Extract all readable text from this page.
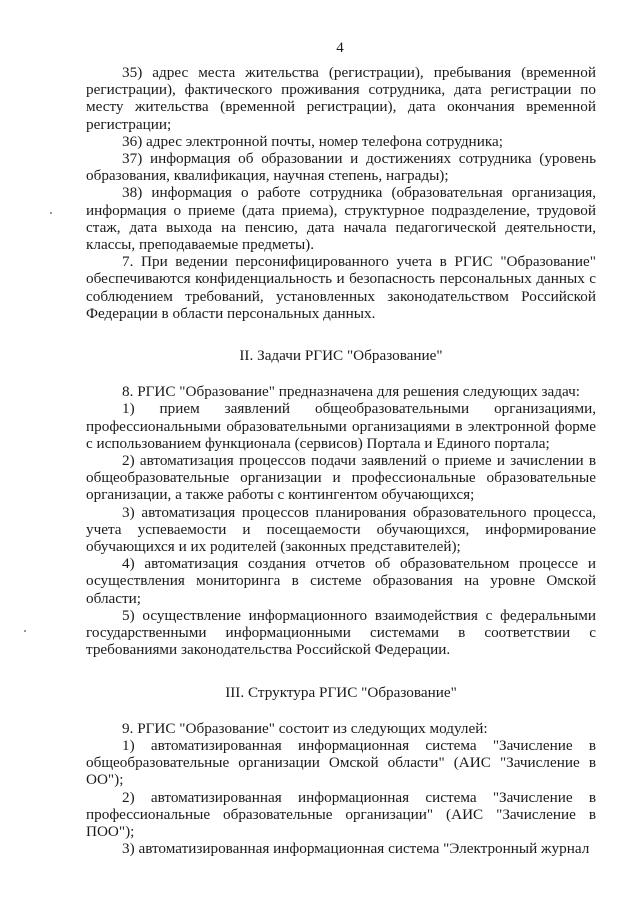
4

35) адрес места жительства (регистрации), пребывания (временной регистрации), фактического проживания сотрудника, дата регистрации по месту жительства (временной регистрации), дата окончания временной регистрации;

36) адрес электронной почты, номер телефона сотрудника;

37) информация об образовании и достижениях сотрудника (уровень образования, квалификация, научная степень, награды);

38) информация о работе сотрудника (образовательная организация, информация о приеме (дата приема), структурное подразделение, трудовой стаж, дата выхода на пенсию, дата начала педагогической деятельности, классы, преподаваемые предметы).

7. При ведении персонифицированного учета в РГИС "Образование" обеспечиваются конфиденциальность и безопасность персональных данных с соблюдением требований, установленных законодательством Российской Федерации в области персональных данных.

II. Задачи РГИС "Образование"

8. РГИС "Образование" предназначена для решения следующих задач:

1) прием заявлений общеобразовательными организациями, профессиональными образовательными организациями в электронной форме с использованием функционала (сервисов) Портала и Единого портала;

2) автоматизация процессов подачи заявлений о приеме и зачислении в общеобразовательные организации и профессиональные образовательные организации, а также работы с контингентом обучающихся;

3) автоматизация процессов планирования образовательного процесса, учета успеваемости и посещаемости обучающихся, информирование обучающихся и их родителей (законных представителей);

4) автоматизация создания отчетов об образовательном процессе и осуществления мониторинга в системе образования на уровне Омской области;

5) осуществление информационного взаимодействия с федеральными государственными информационными системами в соответствии с требованиями законодательства Российской Федерации.

III. Структура РГИС "Образование"

9. РГИС "Образование" состоит из следующих модулей:

1) автоматизированная информационная система "Зачисление в общеобразовательные организации Омской области" (АИС "Зачисление в ОО");

2) автоматизированная информационная система "Зачисление в профессиональные образовательные организации" (АИС "Зачисление в ПОО");

3) автоматизированная информационная система "Электронный журнал
